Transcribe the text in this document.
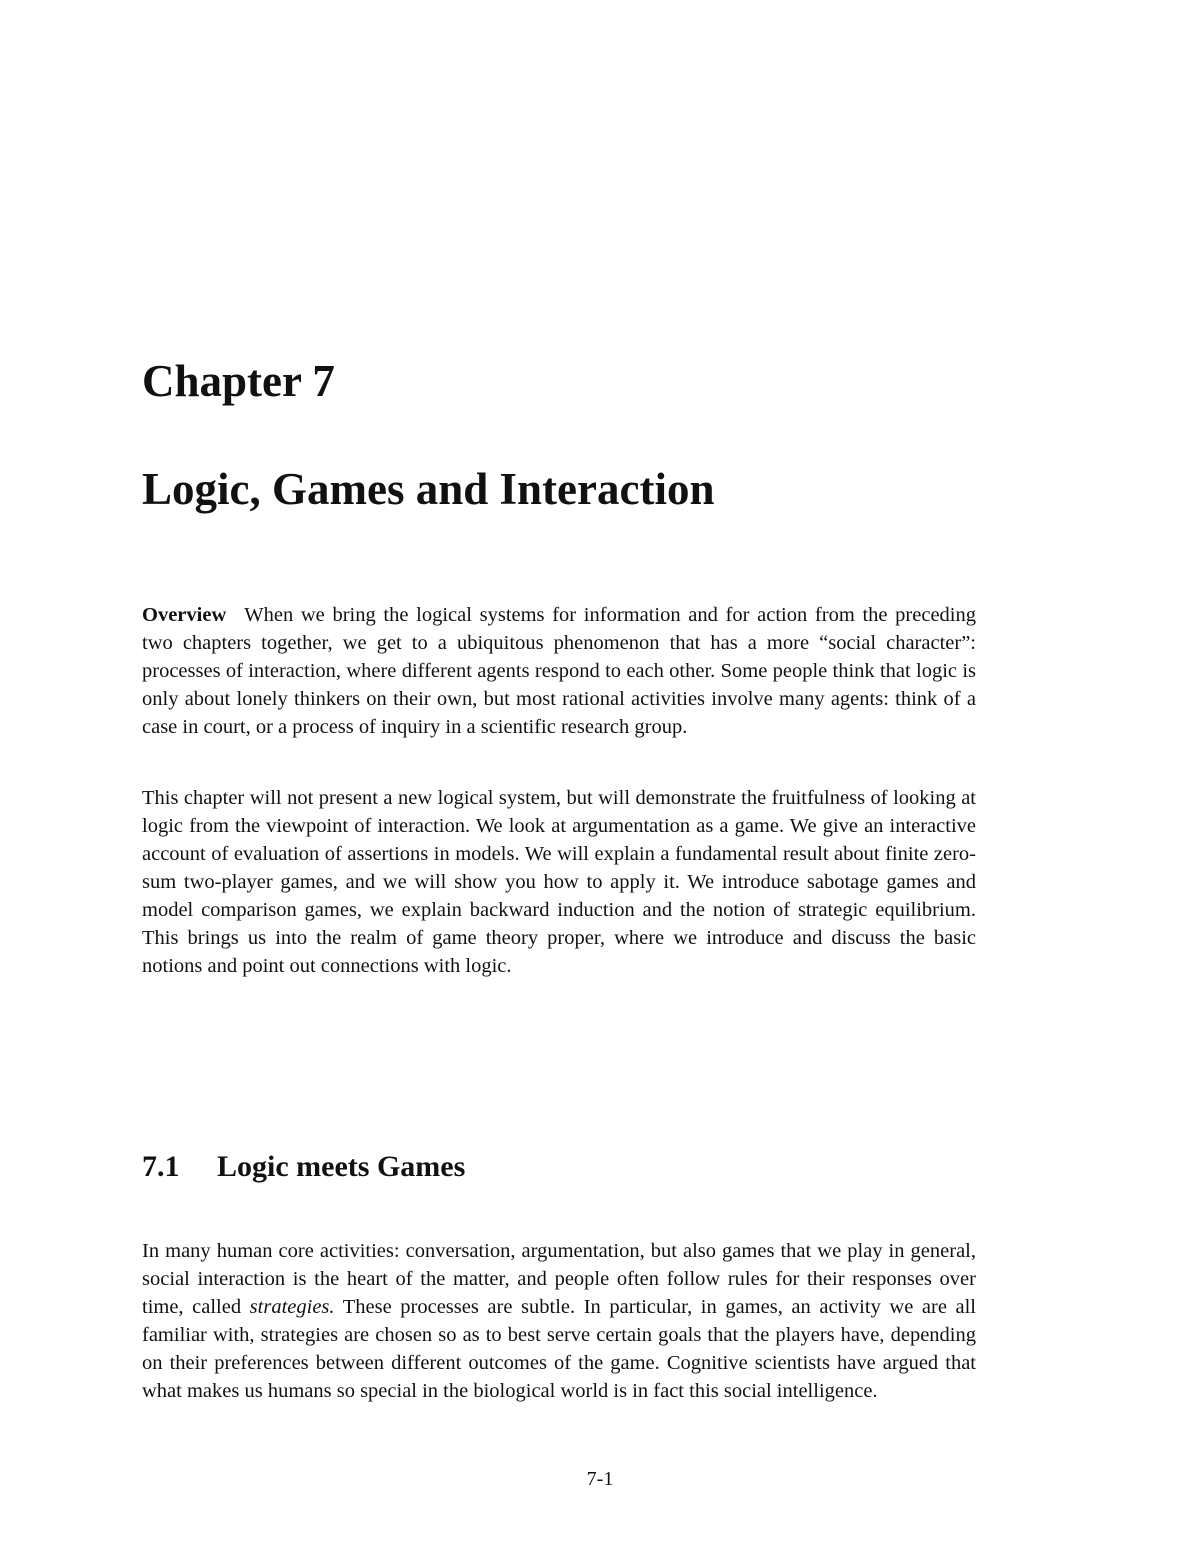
Chapter 7
Logic, Games and Interaction

Overview When we bring the logical systems for information and for action from the preceding two chapters together, we get to a ubiquitous phenomenon that has a more “social character”: processes of interaction, where different agents respond to each other. Some people think that logic is only about lonely thinkers on their own, but most rational activities involve many agents: think of a case in court, or a process of inquiry in a scientific research group.

This chapter will not present a new logical system, but will demonstrate the fruitfulness of looking at logic from the viewpoint of interaction. We look at argumentation as a game. We give an interactive account of evaluation of assertions in models. We will explain a fundamental result about finite zero-sum two-player games, and we will show you how to apply it. We introduce sabotage games and model comparison games, we explain backward induction and the notion of strategic equilibrium. This brings us into the realm of game theory proper, where we introduce and discuss the basic notions and point out connections with logic.

7.1 Logic meets Games

In many human core activities: conversation, argumentation, but also games that we play in general, social interaction is the heart of the matter, and people often follow rules for their responses over time, called strategies. These processes are subtle. In particular, in games, an activity we are all familiar with, strategies are chosen so as to best serve certain goals that the players have, depending on their preferences between different outcomes of the game. Cognitive scientists have argued that what makes us humans so special in the biological world is in fact this social intelligence.

7-1
